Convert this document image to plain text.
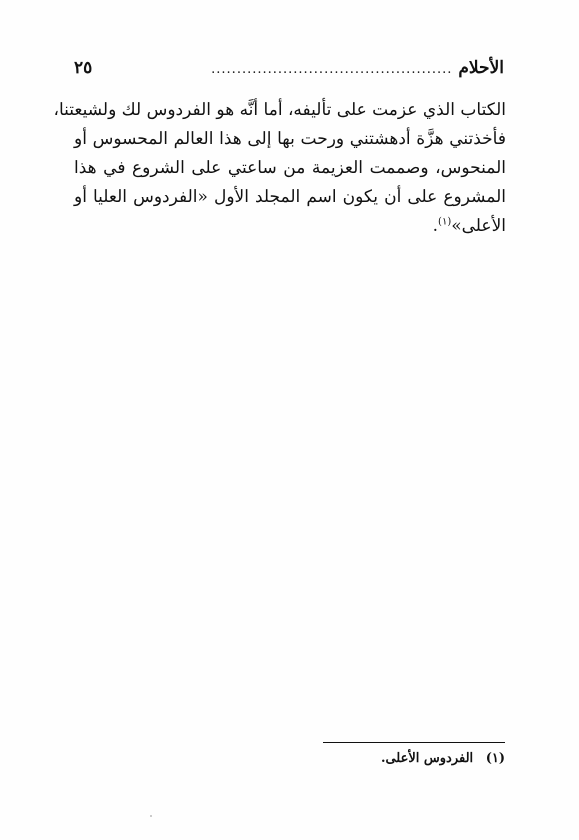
الأحلام
...............................................
٢٥
الكتاب الذي عزمت على تأليفه، أما أنَّه هو الفردوس لك ولشيعتنا،
فأخذتني هزَّة أدهشتني ورحت بها إلى هذا العالم المحسوس أو
المنحوس، وصممت العزيمة من ساعتي على الشروع في هذا
المشروع على أن يكون اسم المجلد الأول «الفردوس العليا أو
الأعلى»$^{(١)}$.
(١) الفردوس الأعلى.
